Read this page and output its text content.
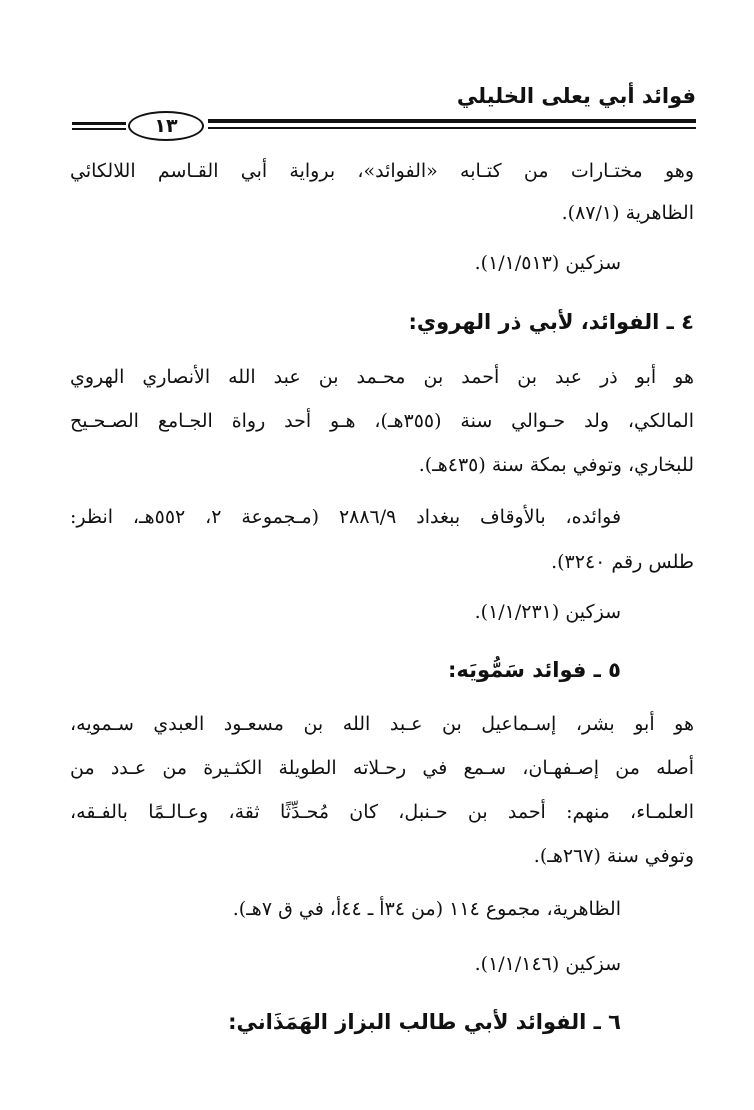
فوائد أبي يعلى الخليلي
١٣
وهو مختـارات من كتـابه «الفوائد»، برواية أبي القـاسم اللالكائي
الظاهرية (٨٧/١).
سزكين (١/١/٥١٣).
٤ ـ الفوائد، لأبي ذر الهروي:
هو أبو ذر عبد بن أحمد بن محـمد بن عبد الله الأنصاري الهروي
المالكي، ولد حـوالي سنة (٣٥٥هـ)، هـو أحد رواة الجـامع الصـحـيح
للبخاري، وتوفي بمكة سنة (٤٣٥هـ).
فوائده، بالأوقاف ببغداد ٢٨٨٦/٩ (مـجموعة ٢، ٥٥٢هـ، انظر:
طلس رقم ٣٢٤٠).
سزكين (١/١/٢٣١).
٥ ـ فوائد سَمُّويَه:
هو أبو بشر، إسـماعيل بن عـبد الله بن مسعـود العبدي سـمويه،
أصله من إصـفهـان، سـمع في رحـلاته الطويلة الكثـيرة من عـدد من
العلمـاء، منهم: أحمد بن حـنبل، كان مُحـدِّثًا ثقة، وعـالـمًا بالفـقه،
وتوفي سنة (٢٦٧هـ).
الظاهرية، مجموع ١١٤ (من ٣٤أ ـ ٤٤أ، في ق ٧هـ).
سزكين (١/١/١٤٦).
٦ ـ الفوائد لأبي طالب البزاز الهَمَذَاني:
